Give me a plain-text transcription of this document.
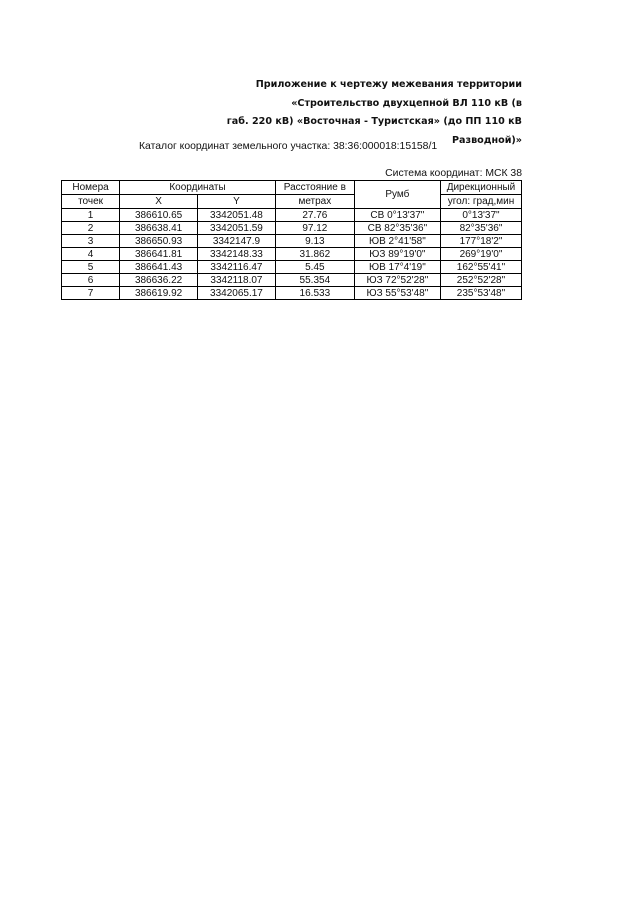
Приложение к чертежу межевания территории
«Строительство двухцепной ВЛ 110 кВ (в
габ. 220 кВ) «Восточная - Туристская» (до ПП 110 кВ
Разводной)»
Каталог координат земельного участка: 38:36:000018:15158/1
Система координат: МСК 38
Номера	Координаты		Расстояние в	Румб	Дирекционный
точек	X	Y	метрах		угол: град,мин
1	386610.65	3342051.48	27.76	СВ 0°13'37"	0°13'37"
2	386638.41	3342051.59	97.12	СВ 82°35'36"	82°35'36"
3	386650.93	3342147.9	9.13	ЮВ 2°41'58"	177°18'2"
4	386641.81	3342148.33	31.862	ЮЗ 89°19'0"	269°19'0"
5	386641.43	3342116.47	5.45	ЮВ 17°4'19"	162°55'41"
6	386636.22	3342118.07	55.354	ЮЗ 72°52'28"	252°52'28"
7	386619.92	3342065.17	16.533	ЮЗ 55°53'48"	235°53'48"
